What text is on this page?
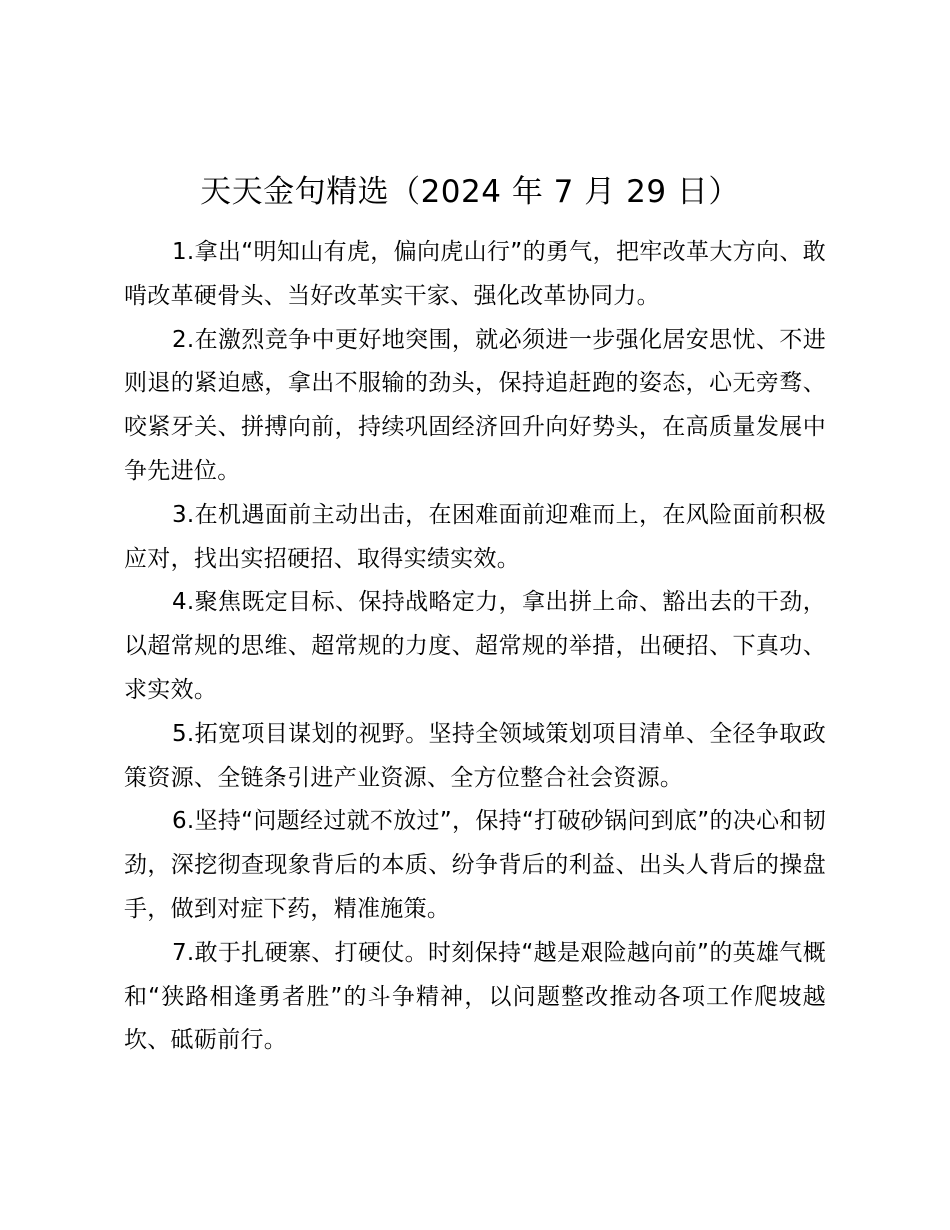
天天金句精选（2024 年 7 月 29 日）

1.拿出“明知山有虎，偏向虎山行”的勇气，把牢改革大方向、敢啃改革硬骨头、当好改革实干家、强化改革协同力。

2.在激烈竞争中更好地突围，就必须进一步强化居安思忧、不进则退的紧迫感，拿出不服输的劲头，保持追赶跑的姿态，心无旁骛、咬紧牙关、拼搏向前，持续巩固经济回升向好势头，在高质量发展中争先进位。

3.在机遇面前主动出击，在困难面前迎难而上，在风险面前积极应对，找出实招硬招、取得实绩实效。

4.聚焦既定目标、保持战略定力，拿出拼上命、豁出去的干劲，以超常规的思维、超常规的力度、超常规的举措，出硬招、下真功、求实效。

5.拓宽项目谋划的视野。坚持全领域策划项目清单、全径争取政策资源、全链条引进产业资源、全方位整合社会资源。

6.坚持“问题经过就不放过”，保持“打破砂锅问到底”的决心和韧劲，深挖彻查现象背后的本质、纷争背后的利益、出头人背后的操盘手，做到对症下药，精准施策。

7.敢于扎硬寨、打硬仗。时刻保持“越是艰险越向前”的英雄气概和“狭路相逢勇者胜”的斗争精神，以问题整改推动各项工作爬坡越坎、砥砺前行。
